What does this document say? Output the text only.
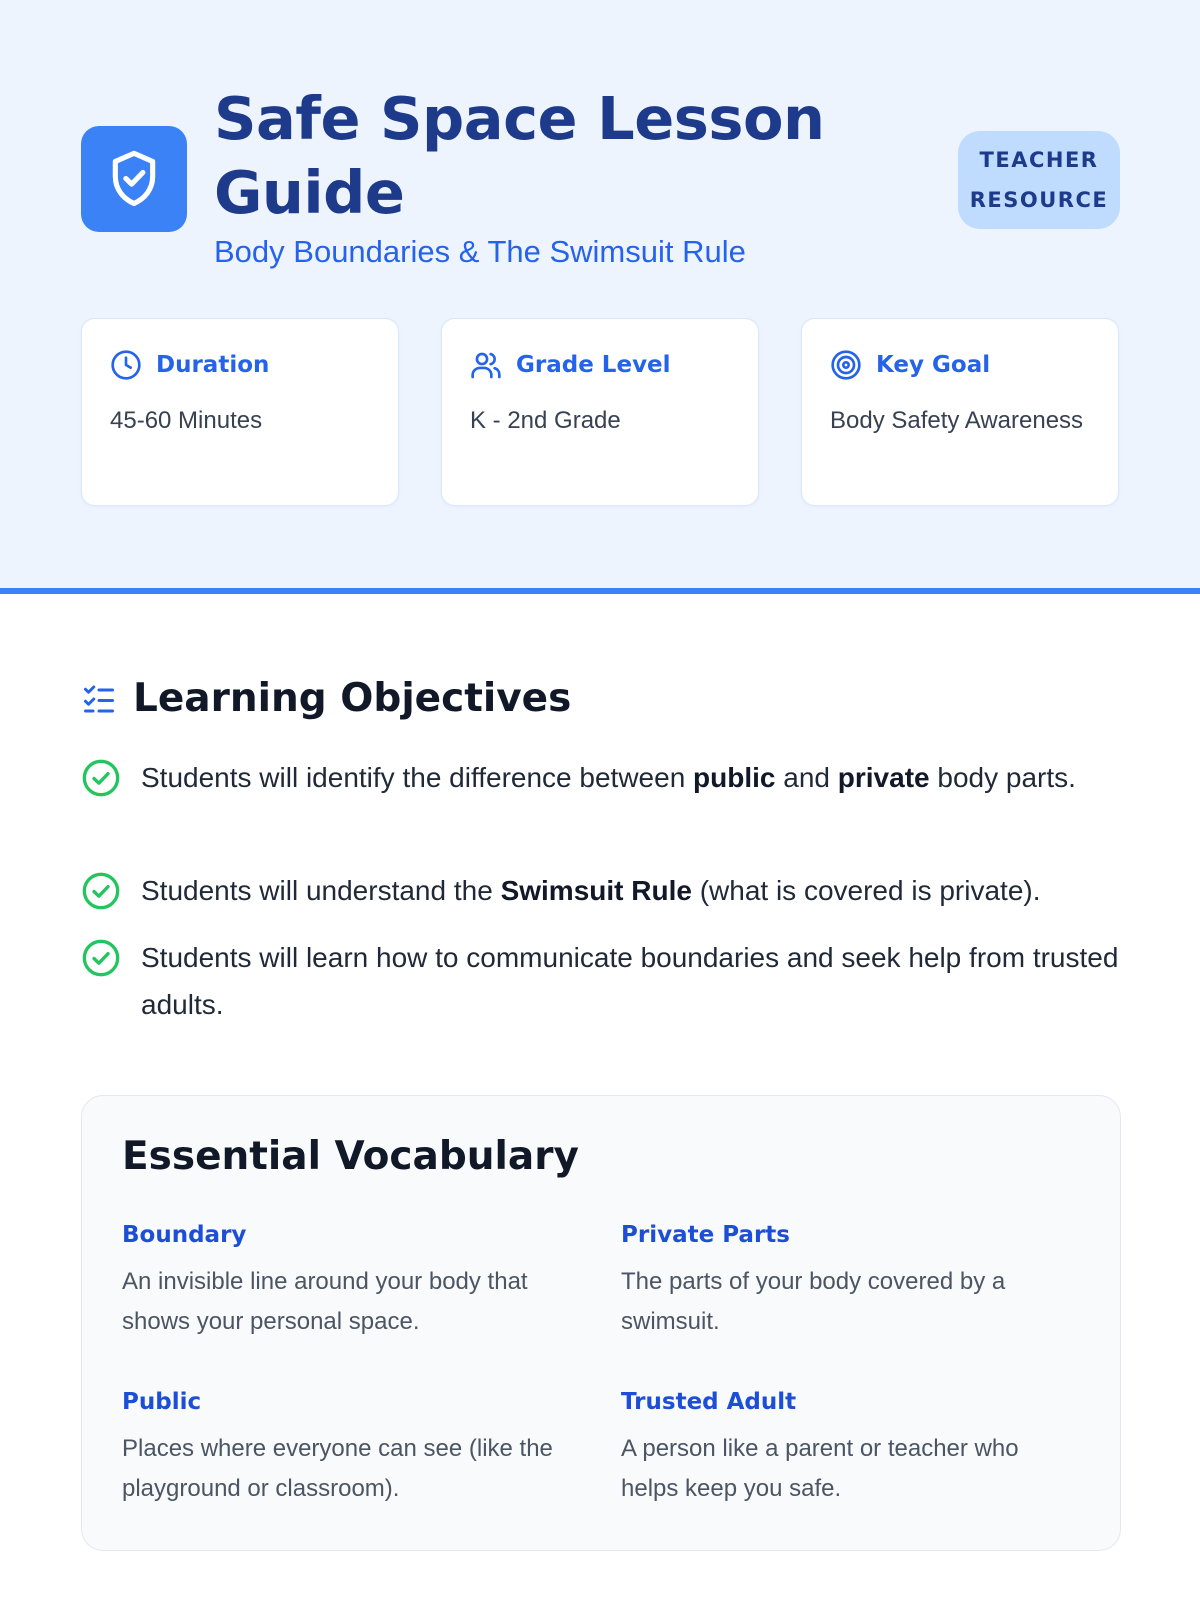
Safe Space Lesson Guide
Body Boundaries & The Swimsuit Rule
TEACHER
RESOURCE
Duration
45-60 Minutes
Grade Level
K - 2nd Grade
Key Goal
Body Safety Awareness
Learning Objectives

Students will identify the difference between public and private body parts.

Students will understand the Swimsuit Rule (what is covered is private).

Students will learn how to communicate boundaries and seek help from trusted adults.

Essential Vocabulary
Boundary
An invisible line around your body that shows your personal space.
Private Parts
The parts of your body covered by a swimsuit.
Public
Places where everyone can see (like the playground or classroom).
Trusted Adult
A person like a parent or teacher who helps keep you safe.
